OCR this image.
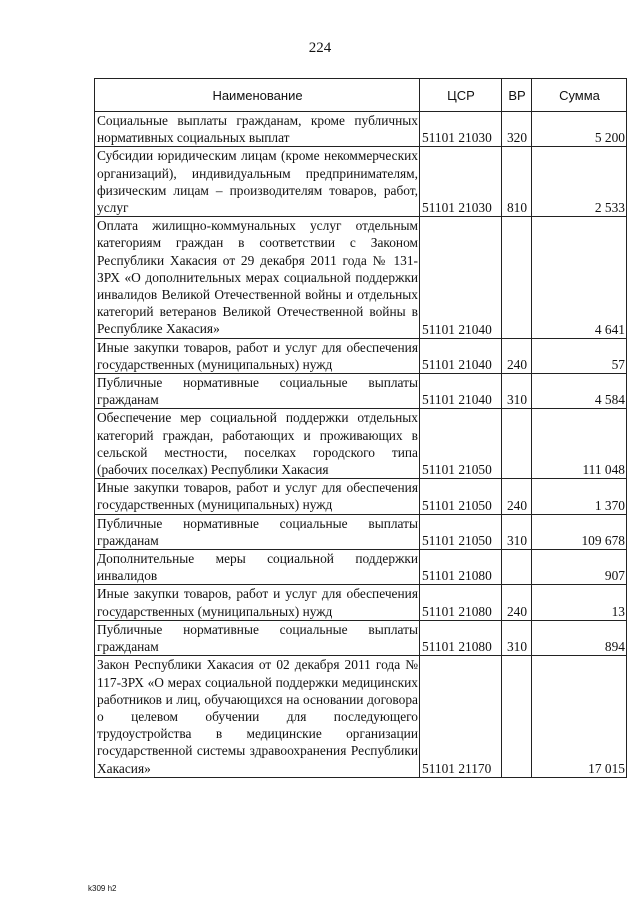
224
Наименование	ЦСР	ВР	Сумма
Социальные выплаты гражданам, кроме публичных нормативных социальных выплат	51101 21030	320	5 200
Субсидии юридическим лицам (кроме некоммерческих организаций), индивидуальным предпринимателям, физическим лицам – производителям товаров, работ, услуг	51101 21030	810	2 533
Оплата жилищно-коммунальных услуг отдельным категориям граждан в соответствии с Законом Республики Хакасия от 29 декабря 2011 года № 131-ЗРХ «О дополнительных мерах социальной поддержки инвалидов Великой Отечественной войны и отдельных категорий ветеранов Великой Отечественной войны в Республике Хакасия»	51101 21040		4 641
Иные закупки товаров, работ и услуг для обеспечения государственных (муниципальных) нужд	51101 21040	240	57
Публичные нормативные социальные выплаты гражданам	51101 21040	310	4 584
Обеспечение мер социальной поддержки отдельных категорий граждан, работающих и проживающих в сельской местности, поселках городского типа (рабочих поселках) Республики Хакасия	51101 21050		111 048
Иные закупки товаров, работ и услуг для обеспечения государственных (муниципальных) нужд	51101 21050	240	1 370
Публичные нормативные социальные выплаты гражданам	51101 21050	310	109 678
Дополнительные меры социальной поддержки инвалидов	51101 21080		907
Иные закупки товаров, работ и услуг для обеспечения государственных (муниципальных) нужд	51101 21080	240	13
Публичные нормативные социальные выплаты гражданам	51101 21080	310	894
Закон Республики Хакасия от 02 декабря 2011 года № 117-ЗРХ «О мерах социальной поддержки медицинских работников и лиц, обучающихся на основании договора о целевом обучении для последующего трудоустройства в медицинские организации государственной системы здравоохранения Республики Хакасия»	51101 21170		17 015
k309 h2
